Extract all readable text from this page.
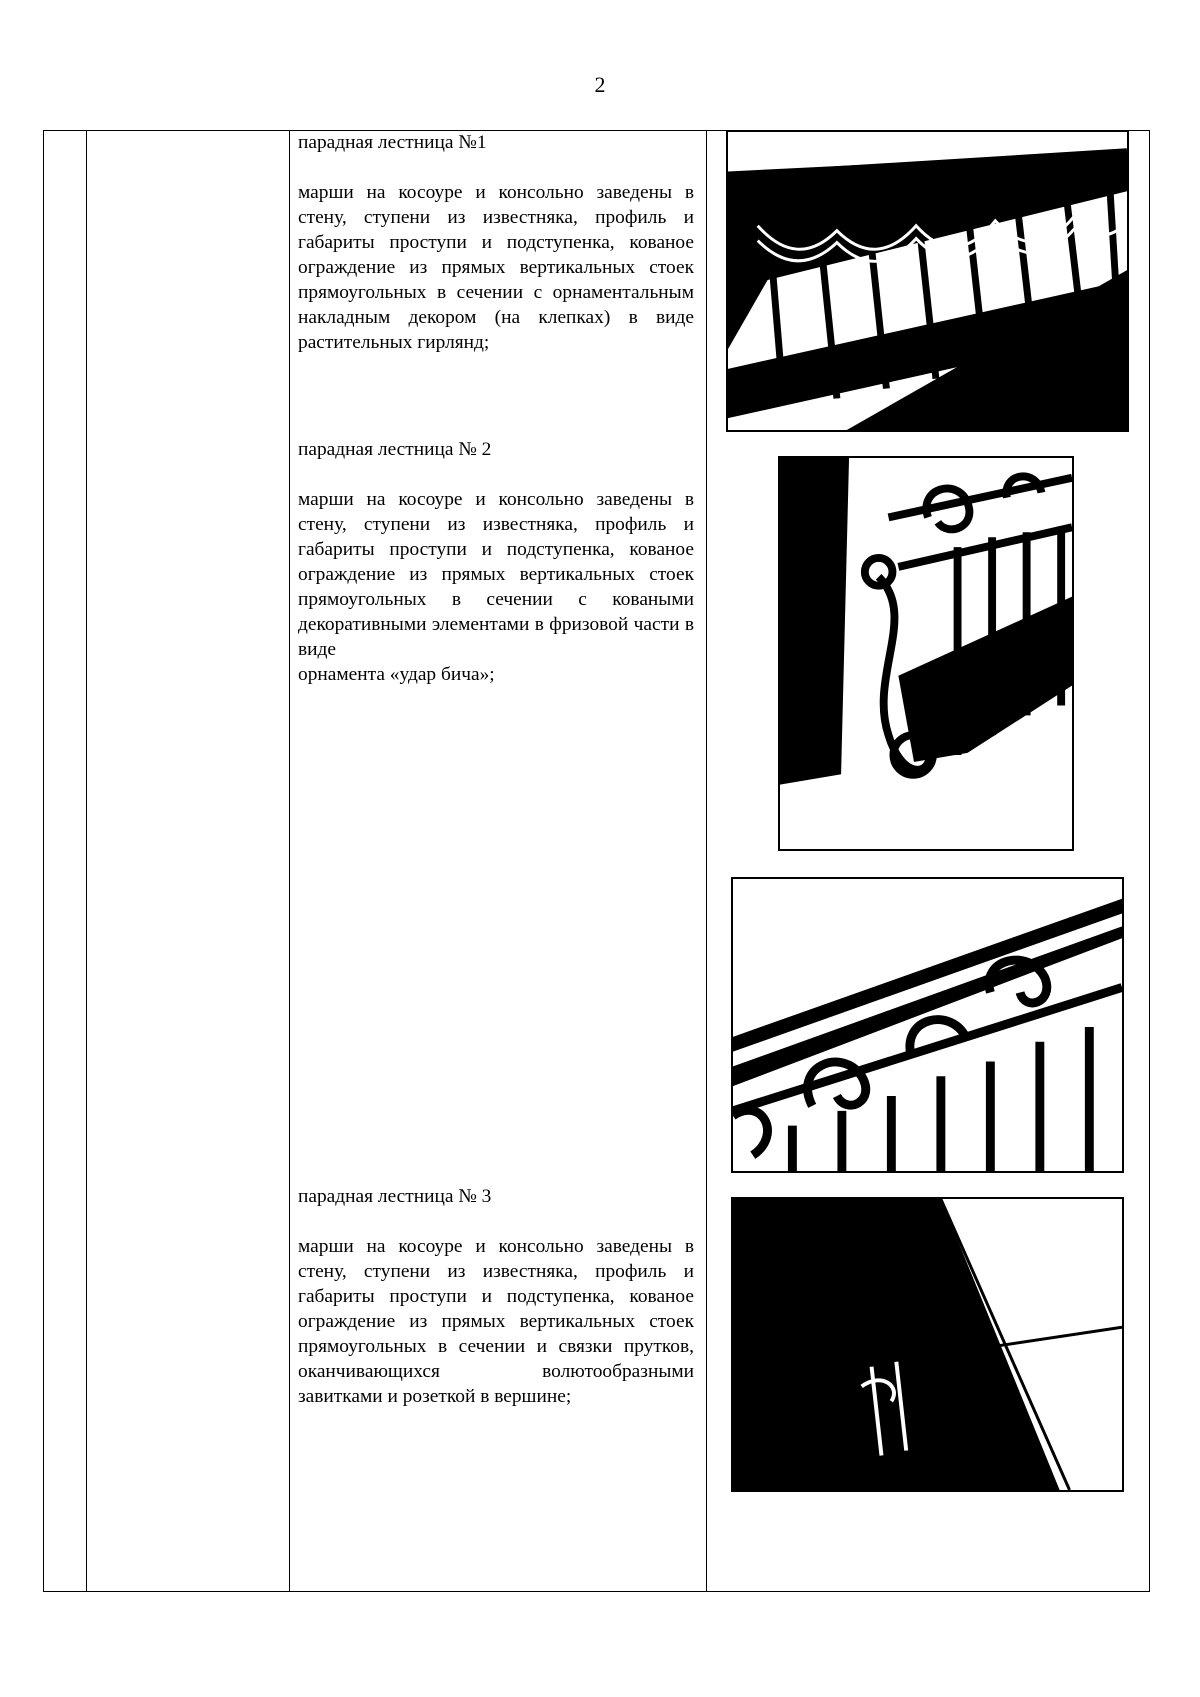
2

парадная лестница №1

марши на косоуре и консольно заведены в стену, ступени из известняка, профиль и габариты проступи и подступенка, кованое ограждение из прямых вертикальных стоек прямоугольных в сечении с орнаментальным накладным декором (на клепках) в виде
растительных гирлянд;

парадная лестница № 2

марши на косоуре и консольно заведены в стену, ступени из известняка, профиль и габариты проступи и подступенка, кованое ограждение из прямых вертикальных стоек прямоугольных в сечении с коваными декоративными элементами в фризовой части в виде
орнамента «удар бича»;

парадная лестница № 3

марши на косоуре и консольно заведены в стену, ступени из известняка, профиль и габариты проступи и подступенка, кованое ограждение из прямых вертикальных стоек прямоугольных в сечении и связки прутков, оканчивающихся волютообразными
завитками и розеткой в вершине;
